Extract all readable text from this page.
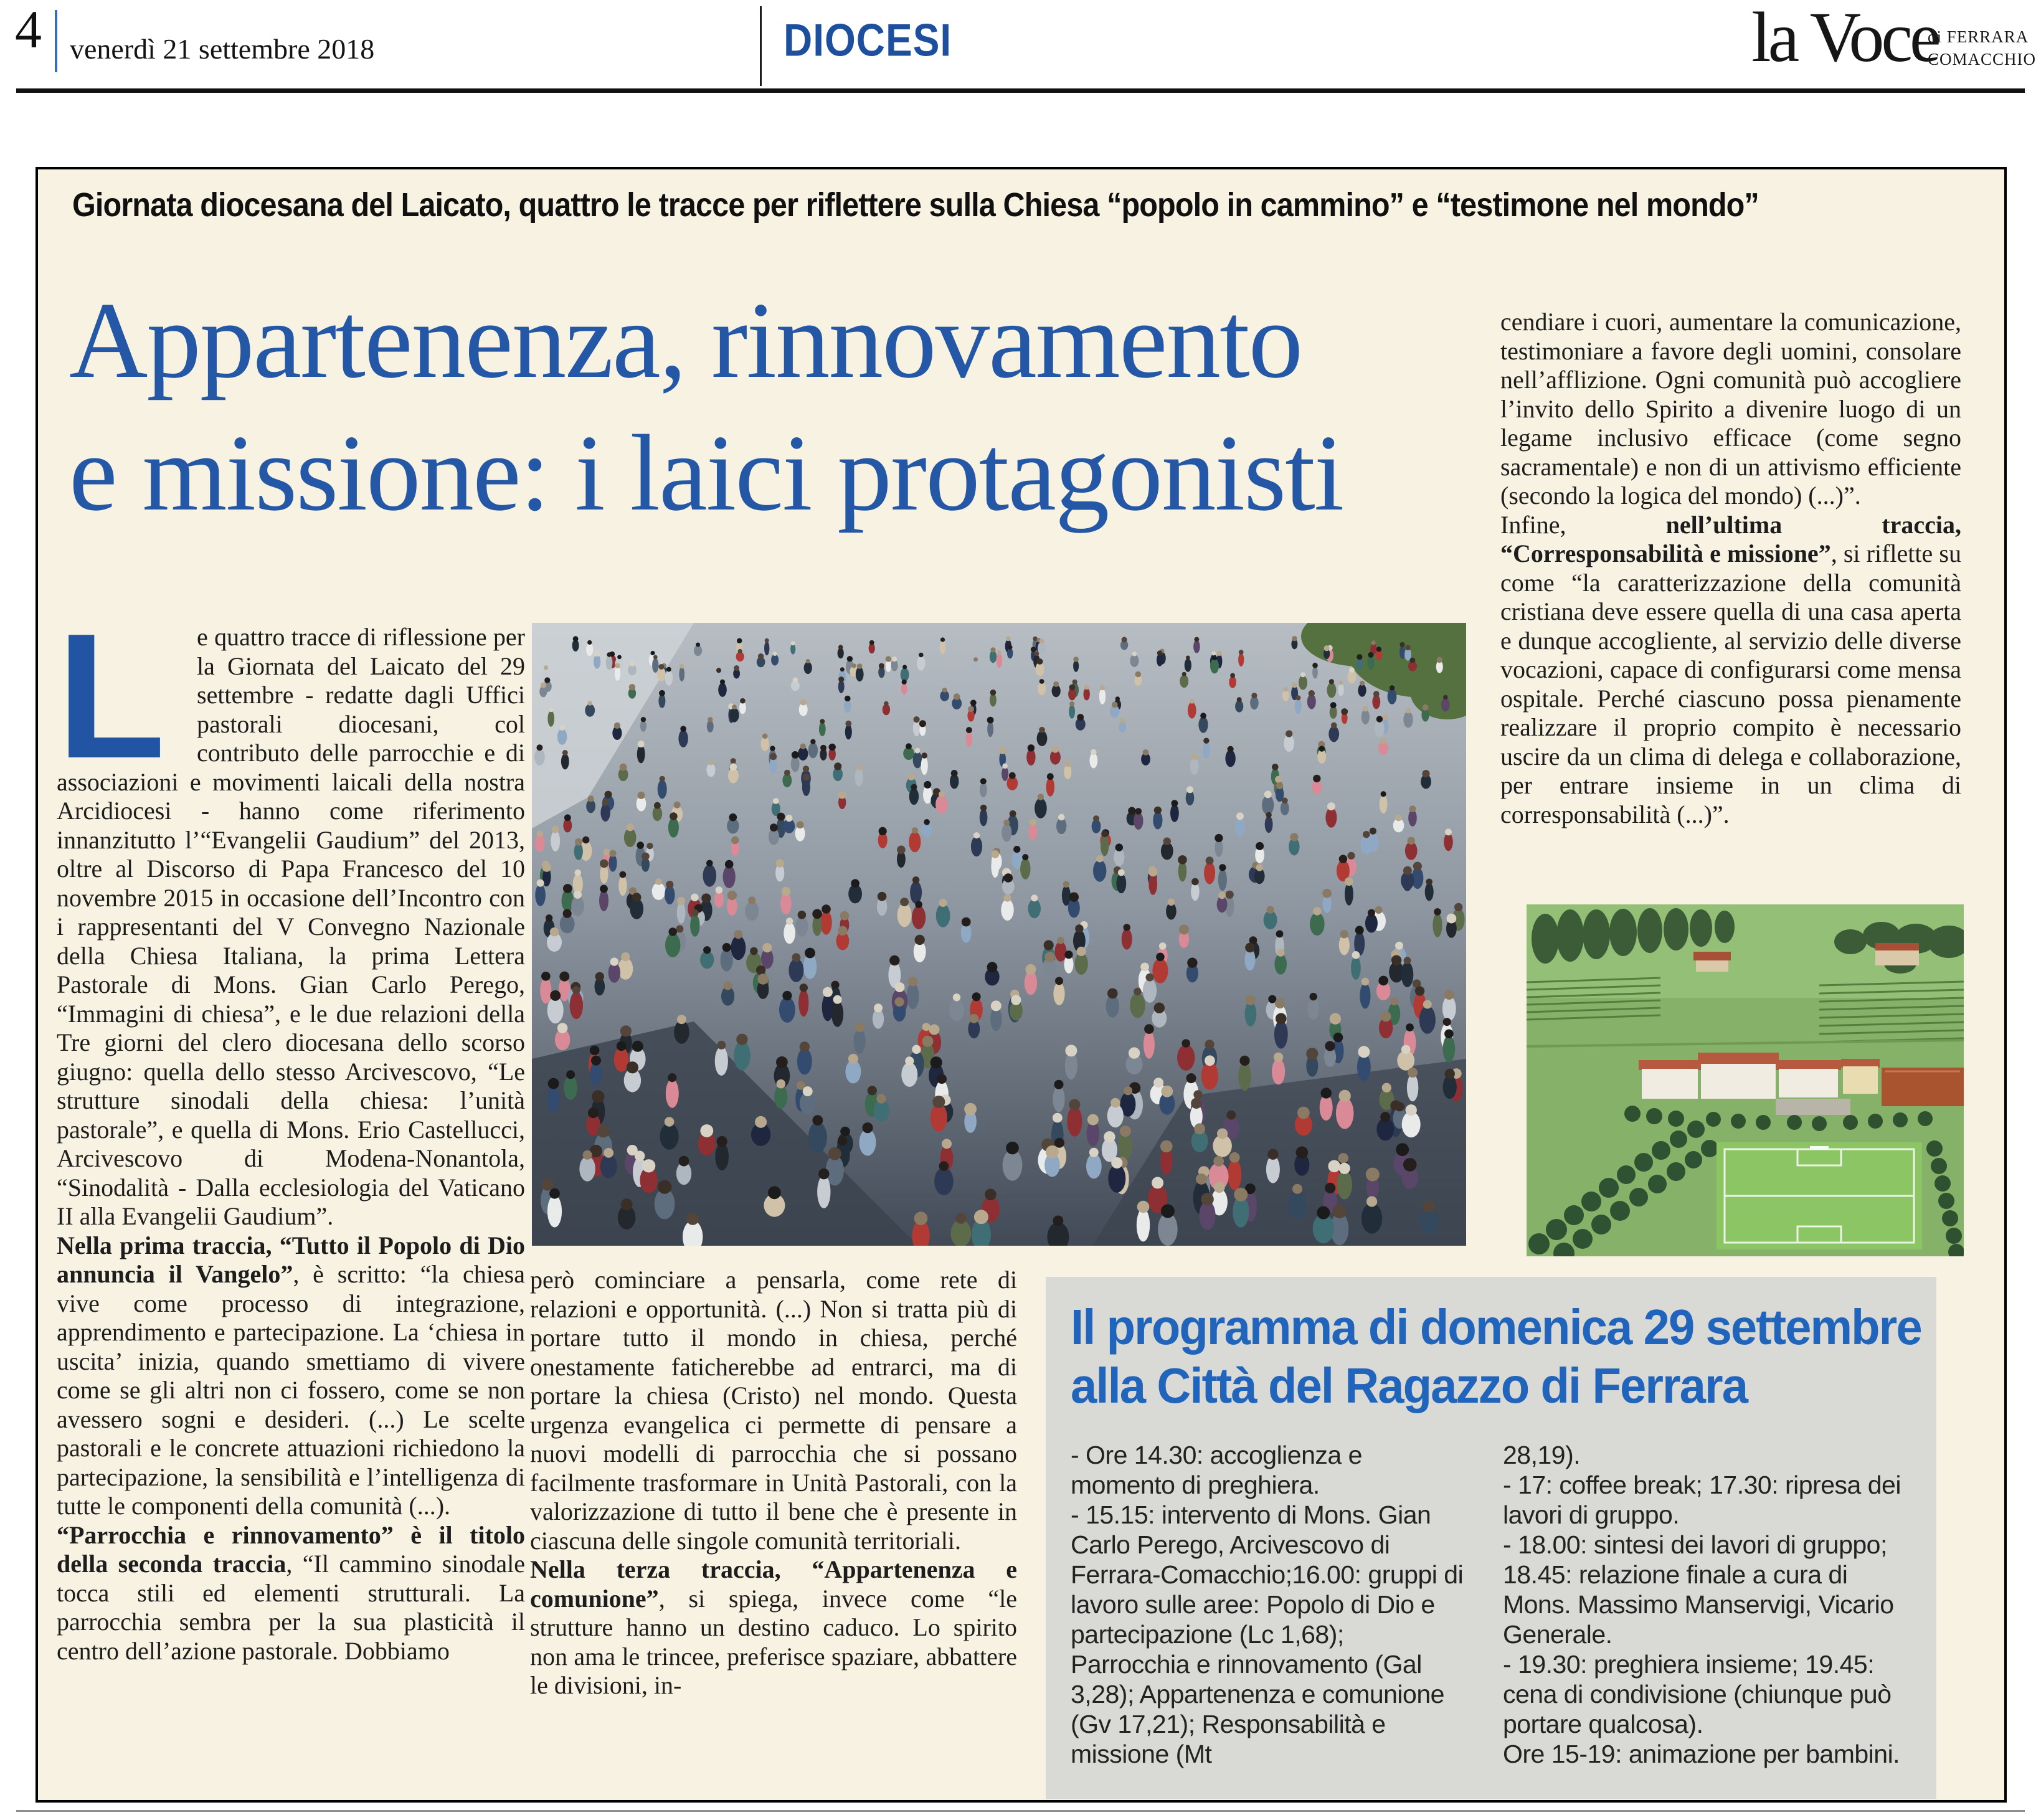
4 venerdì 21 settembre 2018	DIOCESI	la Voce
di FERRARA
COMACCHIO
Giornata diocesana del Laicato, quattro le tracce per riflettere sulla Chiesa “popolo in cammino” e “testimone nel mondo”
Appartenenza, rinnovamento
e missione: i laici protagonisti
cendiare i cuori, aumentare la comunicazione, testimoniare a favore degli uomini, consolare nell’afflizione. Ogni comunità può accogliere l’invito dello Spirito a divenire luogo di un legame inclusivo efficace (come segno sacramentale) e non di un attivismo efficiente (secondo la logica del mondo) (...)”.
Infine, nell’ultima traccia, “Corresponsabilità e missione”, si riflette su come “la caratterizzazione della comunità cristiana deve essere quella di una casa aperta e dunque accogliente, al servizio delle diverse vocazioni, capace di configurarsi come mensa ospitale. Perché ciascuno possa pienamente realizzare il proprio compito è necessario uscire da un clima di delega e collaborazione, per entrare insieme in un clima di corresponsabilità (...)”.
L	e quattro tracce di riflessione per la Giornata del Laicato del 29 settembre - redatte dagli Uffici pastorali diocesani, col contributo delle parrocchie e di associazioni e movimenti laicali della nostra Arcidiocesi - hanno come riferimento innanzitutto l’“Evangelii Gaudium” del 2013, oltre al Discorso di Papa Francesco del 10 novembre 2015 in occasione dell’Incontro con i rappresentanti del V Convegno Nazionale della Chiesa Italiana, la prima Lettera Pastorale di Mons. Gian Carlo Perego, “Immagini di chiesa”, e le due relazioni della Tre giorni del clero diocesana dello scorso giugno: quella dello stesso Arcivescovo, “Le strutture sinodali della chiesa: l’unità pastorale”, e quella di Mons. Erio Castellucci, Arcivescovo di Modena-Nonantola, “Sinodalità - Dalla ecclesiologia del Vaticano II alla Evangelii Gaudium”.
Nella prima traccia, “Tutto il Popolo di Dio annuncia il Vangelo”, è scritto: “la chiesa vive come processo di integrazione, apprendimento e partecipazione. La ‘chiesa in uscita’ inizia, quando smettiamo di vivere come se gli altri non ci fossero, come se non avessero sogni e desideri. (...) Le scelte pastorali e le concrete attuazioni richiedono la partecipazione, la sensibilità e l’intelligenza di tutte le componenti della comunità (...).
“Parrocchia e rinnovamento” è il titolo della seconda traccia, “Il cammino sinodale tocca stili ed elementi strutturali. La parrocchia sembra per la sua plasticità il centro dell’azione pastorale. Dobbiamo
però cominciare a pensarla, come rete di relazioni e opportunità. (...) Non si tratta più di portare tutto il mondo in chiesa, perché onestamente faticherebbe ad entrarci, ma di portare la chiesa (Cristo) nel mondo. Questa urgenza evangelica ci permette di pensare a nuovi modelli di parrocchia che si possano facilmente trasformare in Unità Pastorali, con la valorizzazione di tutto il bene che è presente in ciascuna delle singole comunità territoriali.
Nella terza traccia, “Appartenenza e comunione”, si spiega, invece come “le strutture hanno un destino caduco. Lo spirito non ama le trincee, preferisce spaziare, abbattere le divisioni, in-
Il programma di domenica 29 settembre
alla Città del Ragazzo di Ferrara

- Ore 14.30: accoglienza e momento di preghiera.

- 15.15: intervento di Mons. Gian Carlo Perego, Arcivescovo di Ferrara-Comacchio;16.00: gruppi di lavoro sulle aree: Popolo di Dio e partecipazione (Lc 1,68); Parrocchia e rinnovamento (Gal 3,28); Appartenenza e comunione (Gv 17,21); Responsabilità e missione (Mt

28,19).

- 17: coffee break; 17.30: ripresa dei lavori di gruppo.

- 18.00: sintesi dei lavori di gruppo; 18.45: relazione finale a cura di Mons. Massimo Manservigi, Vicario Generale.

- 19.30: preghiera insieme; 19.45: cena di condivisione (chiunque può portare qualcosa).

Ore 15-19: animazione per bambini.
